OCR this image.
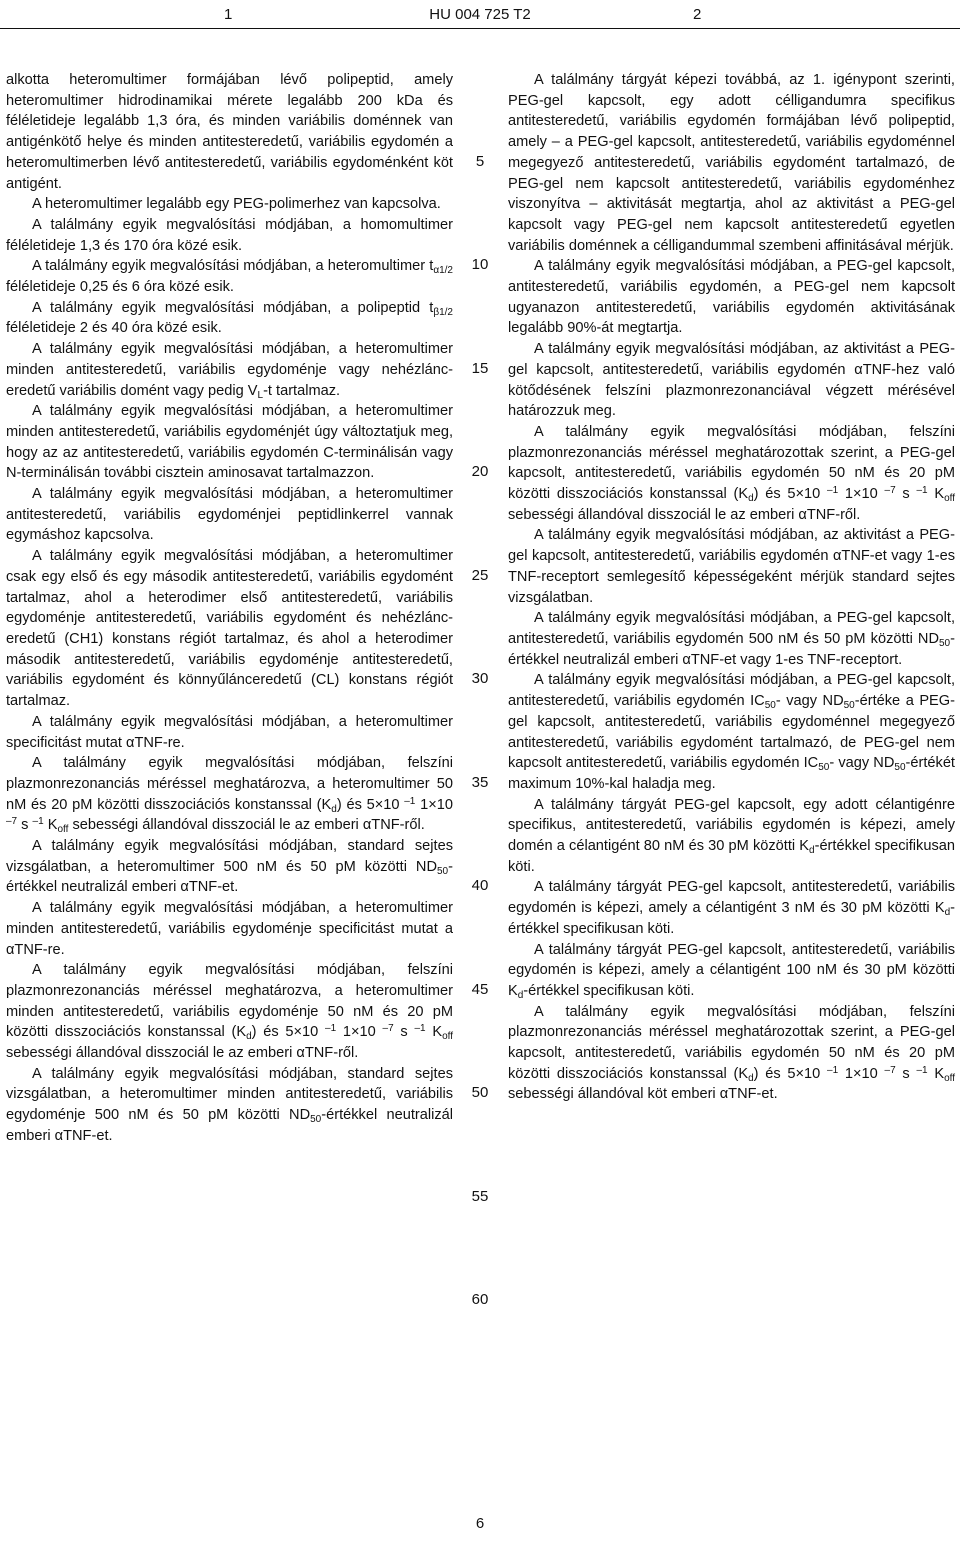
1	HU 004 725 T2	2

alkotta heteromultimer formájában lévő polipeptid, amely heteromultimer hidrodinamikai mérete legalább 200 kDa és féléletideje legalább 1,3 óra, és minden variábilis doménnek van antigénkötő helye és minden antitesteredetű, variábilis egydomén a heteromultimerben lévő antitesteredetű, variábilis egydoménként köt antigént.

A heteromultimer legalább egy PEG-polimerhez van kapcsolva.

A találmány egyik megvalósítási módjában, a homomultimer féléletideje 1,3 és 170 óra közé esik.

A találmány egyik megvalósítási módjában, a heteromultimer $t_{\alpha 1/2}$ féléletideje 0,25 és 6 óra közé esik.

A találmány egyik megvalósítási módjában, a polipeptid $t_{\beta 1/2}$ féléletideje 2 és 40 óra közé esik.

A találmány egyik megvalósítási módjában, a heteromultimer minden antitesteredetű, variábilis egydoménje vagy nehézlánc-eredetű variábilis domént vagy pedig $V_L-t$ tartalmaz.

A találmány egyik megvalósítási módjában, a heteromultimer minden antitesteredetű, variábilis egydoménjét úgy változtatjuk meg, hogy az az antitesteredetű, variábilis egydomén C-terminálisán vagy N-terminálisán további cisztein aminosavat tartalmazzon.

A találmány egyik megvalósítási módjában, a heteromultimer antitesteredetű, variábilis egydoménjei peptidlinkerrel vannak egymáshoz kapcsolva.

A találmány egyik megvalósítási módjában, a heteromultimer csak egy első és egy második antitesteredetű, variábilis egydomént tartalmaz, ahol a heterodimer első antitesteredetű, variábilis egydoménje antitesteredetű, variábilis egydomént és nehézlánc-eredetű (CH1) konstans régiót tartalmaz, és ahol a heterodimer második antitesteredetű, variábilis egydoménje antitesteredetű, variábilis egydomént és könnyűlánceredetű (CL) konstans régiót tartalmaz.

A találmány egyik megvalósítási módjában, a heteromultimer specificitást mutat αTNF-re.

A találmány egyik megvalósítási módjában, felszíni plazmonrezonanciás méréssel meghatározva, a heteromultimer 50 nM és 20 pM közötti disszociációs konstanssal $(K_d)$ és 5×10 $^{-1}$ 1×10 $^{-7}$ s $^{-1}$ $K_{off}$ sebességi állandóval disszociál le az emberi αTNF-ről.

A találmány egyik megvalósítási módjában, standard sejtes vizsgálatban, a heteromultimer 500 nM és 50 pM közötti $ND_{50}$-értékkel neutralizál emberi αTNF-et.

A találmány egyik megvalósítási módjában, a heteromultimer minden antitesteredetű, variábilis egydoménje specificitást mutat a αTNF-re.

A találmány egyik megvalósítási módjában, felszíni plazmonrezonanciás méréssel meghatározva, a heteromultimer minden antitesteredetű, variábilis egydoménje 50 nM és 20 pM közötti disszociációs konstanssal $(K_d)$ és 5×10 $^{-1}$ 1×10 $^{-7}$ s $^{-1}$ $K_{off}$ sebességi állandóval disszociál le az emberi αTNF-ről.

A találmány egyik megvalósítási módjában, standard sejtes vizsgálatban, a heteromultimer minden antitesteredetű, variábilis egydoménje 500 nM és 50 pM közötti $ND_{50}$-értékkel neutralizál emberi αTNF-et.

5
10
15
20
25
30
35
40
45
50
55
60

A találmány tárgyát képezi továbbá, az 1. igénypont szerinti, PEG-gel kapcsolt, egy adott célligandumra specifikus antitesteredetű, variábilis egydomén formájában lévő polipeptid, amely – a PEG-gel kapcsolt, antitesteredetű, variábilis egydoménnel megegyező antitesteredetű, variábilis egydomént tartalmazó, de PEG-gel nem kapcsolt antitesteredetű, variábilis egydoménhez viszonyítva – aktivitását megtartja, ahol az aktivitást a PEG-gel kapcsolt vagy PEG-gel nem kapcsolt antitesteredetű egyetlen variábilis doménnek a célligandummal szembeni affinitásával mérjük.

A találmány egyik megvalósítási módjában, a PEG-gel kapcsolt, antitesteredetű, variábilis egydomén, a PEG-gel nem kapcsolt ugyanazon antitesteredetű, variábilis egydomén aktivitásának legalább 90%-át megtartja.

A találmány egyik megvalósítási módjában, az aktivitást a PEG-gel kapcsolt, antitesteredetű, variábilis egydomén αTNF-hez való kötődésének felszíni plazmonrezonanciával végzett mérésével határozzuk meg.

A találmány egyik megvalósítási módjában, felszíni plazmonrezonanciás méréssel meghatározottak szerint, a PEG-gel kapcsolt, antitesteredetű, variábilis egydomén 50 nM és 20 pM közötti disszociációs konstanssal $(K_d)$ és 5×10 $^{-1}$ 1×10 $^{-7}$ s $^{-1}$ $K_{off}$ sebességi állandóval disszociál le az emberi αTNF-ről.

A találmány egyik megvalósítási módjában, az aktivitást a PEG-gel kapcsolt, antitesteredetű, variábilis egydomén αTNF-et vagy 1-es TNF-receptort semlegesítő képességeként mérjük standard sejtes vizsgálatban.

A találmány egyik megvalósítási módjában, a PEG-gel kapcsolt, antitesteredetű, variábilis egydomén 500 nM és 50 pM közötti $ND_{50}$-értékkel neutralizál emberi αTNF-et vagy 1-es TNF-receptort.

A találmány egyik megvalósítási módjában, a PEG-gel kapcsolt, antitesteredetű, variábilis egydomén $IC_{50}-$ vagy $ND_{50}$-értéke a PEG-gel kapcsolt, antitesteredetű, variábilis egydoménnel megegyező antitesteredetű, variábilis egydomént tartalmazó, de PEG-gel nem kapcsolt antitesteredetű, variábilis egydomén $IC_{50}-$ vagy $ND_{50}$-értékét maximum 10%-kal haladja meg.

A találmány tárgyát PEG-gel kapcsolt, egy adott célantigénre specifikus, antitesteredetű, variábilis egydomén is képezi, amely domén a célantigént 80 nM és 30 pM közötti $K_d$-értékkel specifikusan köti.

A találmány tárgyát PEG-gel kapcsolt, antitesteredetű, variábilis egydomén is képezi, amely a célantigént 3 nM és 30 pM közötti $K_d$-értékkel specifikusan köti.

A találmány tárgyát PEG-gel kapcsolt, antitesteredetű, variábilis egydomén is képezi, amely a célantigént 100 nM és 30 pM közötti $K_d$-értékkel specifikusan köti.

A találmány egyik megvalósítási módjában, felszíni plazmonrezonanciás méréssel meghatározottak szerint, a PEG-gel kapcsolt, antitesteredetű, variábilis egydomén 50 nM és 20 pM közötti disszociációs konstanssal $(K_d)$ és 5×10 $^{-1}$ 1×10 $^{-7}$ s $^{-1}$ $K_{off}$ sebességi állandóval köt emberi αTNF-et.

6
